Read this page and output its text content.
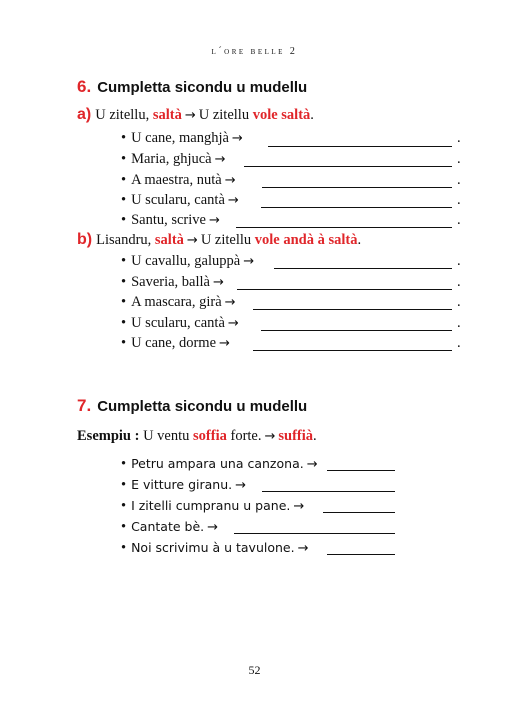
l´ore belle 2
6. Cumpletta sicondu u mudellu
a) U zitellu, saltà → U zitellu vole saltà.
• U cane, manghjà →	.
• Maria, ghjucà →	.
• A maestra, nutà →	.
• U scularu, cantà →	.
• Santu, scrive →	.
b) Lisandru, saltà → U zitellu vole andà à saltà.
• U cavallu, galuppà →	.
• Saveria, ballà →	.
• A mascara, girà →	.
• U scularu, cantà →	.
• U cane, dorme →	.
7. Cumpletta sicondu u mudellu
Esempiu : U ventu soffia forte. → suffià.
• Petru ampara una canzona. →
• E vitture giranu. →
• I zitelli cumpranu u pane. →
• Cantate bè. →
• Noi scrivimu à u tavulone. →
52
